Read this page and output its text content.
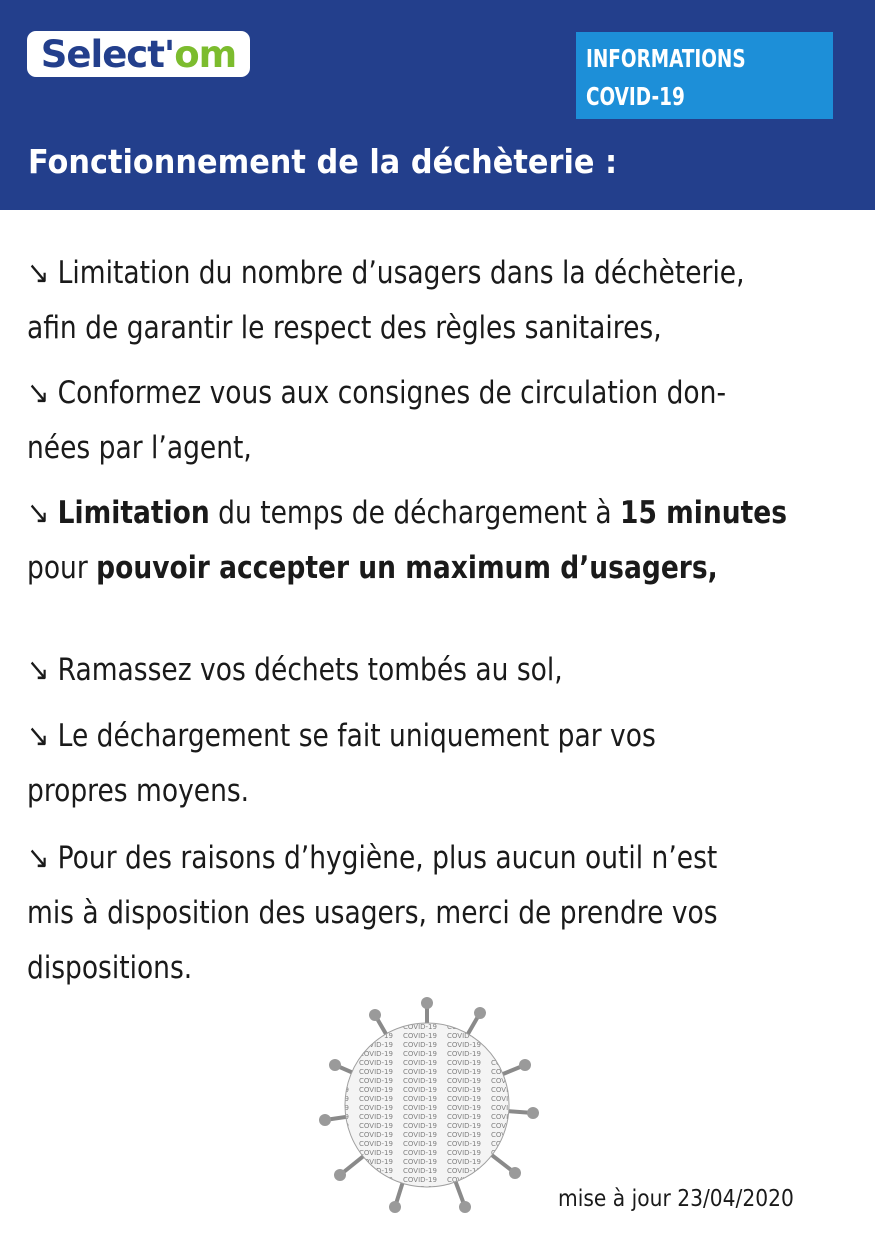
Select' om	INFORMATIONS
COVID-19
Fonctionnement de la déchèterie :
↘ Limitation du nombre d’usagers dans la déchèterie,
afin de garantir le respect des règles sanitaires,
↘ Conformez vous aux consignes de circulation don-
nées par l’agent,
↘ Limitation du temps de déchargement à 15 minutes
pour pouvoir accepter un maximum d’usagers,
↘ Ramassez vos déchets tombés au sol,
↘ Le déchargement se fait uniquement par vos
propres moyens.
↘ Pour des raisons d’hygiène, plus aucun outil n’est
mis à disposition des usagers, merci de prendre vos
dispositions.
mise à jour 23/04/2020
